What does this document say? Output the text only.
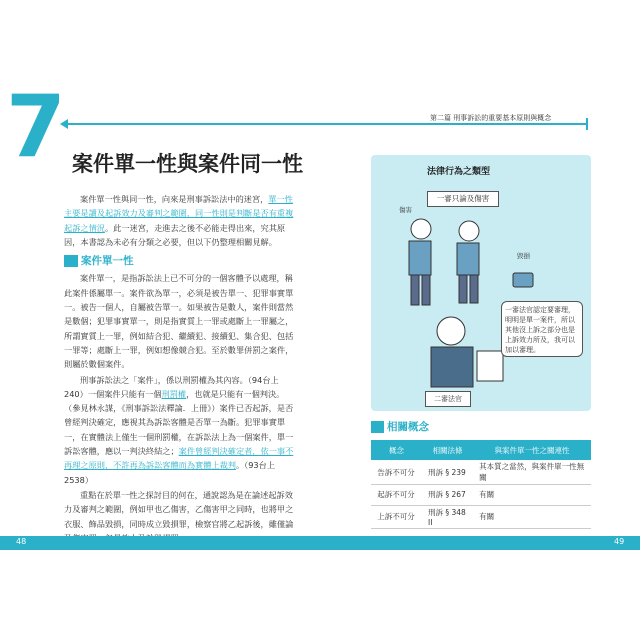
第二篇 刑事訴訟的重要基本原則與概念
7 案件單一性與案件同一性

案件單一性與同一性，向來是刑事訴訟法中的迷宮，單一性主要是讀及起訴效力及審判之範圍，同一性則是判斷是否有重複起訴之情況。此一迷宮，走進去之後不必能走得出來，究其原因，本書認為未必有分類之必要，但以下仍整理相關見解。

案件單一性

案件單一，是指訴訟法上已不可分的一個客體予以處理，稱此案件係屬單一。案件欲為單一，必須是被告單一、犯罪事實單一。被告一個人，自屬被告單一。如果被告是數人，案件則當然是數個；犯罪事實單一，則是指實質上一罪或處斷上一罪屬之，所謂實質上一罪，例如結合犯、繼續犯、接續犯、集合犯、包括一罪等；處斷上一罪，例如想像競合犯。至於數罪併罰之案件，則屬於數個案件。

刑事訴訟法之「案件」，係以刑罰權為其內容。（94台上240）一個案件只能有一個刑罰權，也就是只能有一個判決。（參見林永謀，《刑事訴訟法釋論．上冊》）案件已否起訴，是否曾經判決確定，應視其為訴訟客體是否單一為斷。犯罪事實單一，在實體法上僅生一個刑罰權，在訴訟法上為一個案件，單一訴訟客體，應以一判決終結之；案件曾經判決確定者，依一事不再理之原則，不許再為訴訟客體而為實體上裁判。（93台上2538）

重點在於單一性之探討目的何在，通說認為是在論述起訴效力及審判之範圍，例如甲也乙傷害，乙傷害甲之同時，也將甲之衣服、飾品毀損，同時成立毀損罪，檢察官將乙起訴後，雖僅論

法律行為之類型
一審只論及傷害
傷害
毀損
一審法官認定要審理，明明是單一案件，所以其他沒上訴之部分也是上訴效力所及，我可以加以審理。
二審法官
相關概念
概念	相關法條	與案件單一性之關連性
告訴不可分	刑訴 § 239	其本質之當然，與案件單一性無關
起訴不可分	刑訴 § 267	有關
上訴不可分	刑訴 § 348 II	有關
48	49
